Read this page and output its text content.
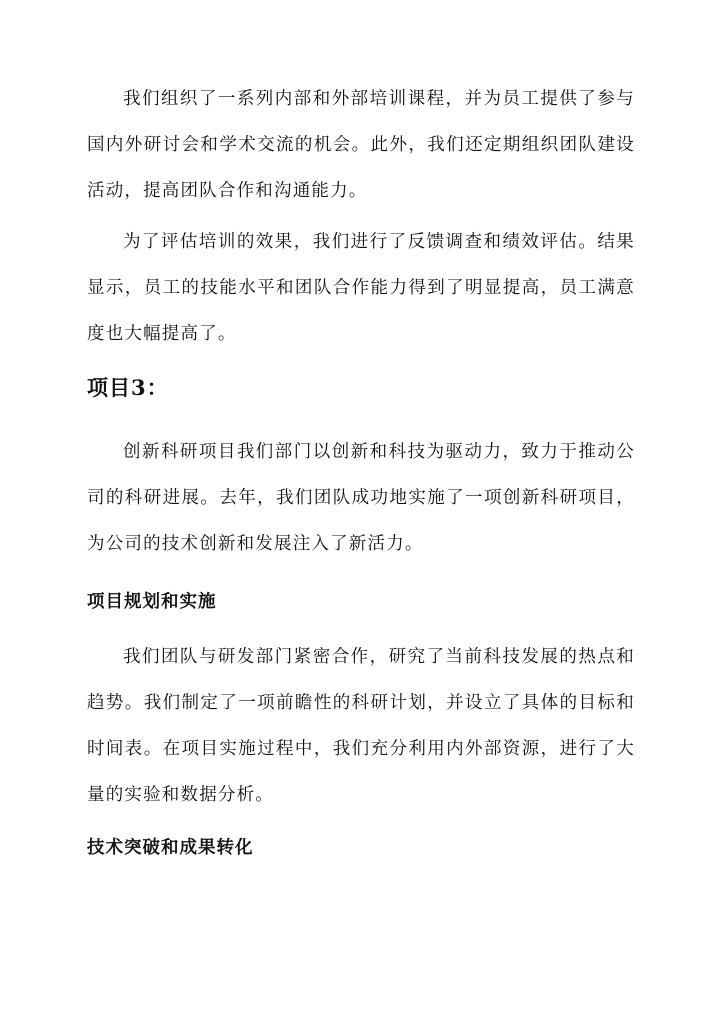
我们组织了一系列内部和外部培训课程，并为员工提供了参与国内外研讨会和学术交流的机会。此外，我们还定期组织团队建设活动，提高团队合作和沟通能力。

为了评估培训的效果，我们进行了反馈调查和绩效评估。结果显示，员工的技能水平和团队合作能力得到了明显提高，员工满意度也大幅提高了。

项目3：

创新科研项目我们部门以创新和科技为驱动力，致力于推动公司的科研进展。去年，我们团队成功地实施了一项创新科研项目，为公司的技术创新和发展注入了新活力。

项目规划和实施

我们团队与研发部门紧密合作，研究了当前科技发展的热点和趋势。我们制定了一项前瞻性的科研计划，并设立了具体的目标和时间表。在项目实施过程中，我们充分利用内外部资源，进行了大量的实验和数据分析。

技术突破和成果转化
